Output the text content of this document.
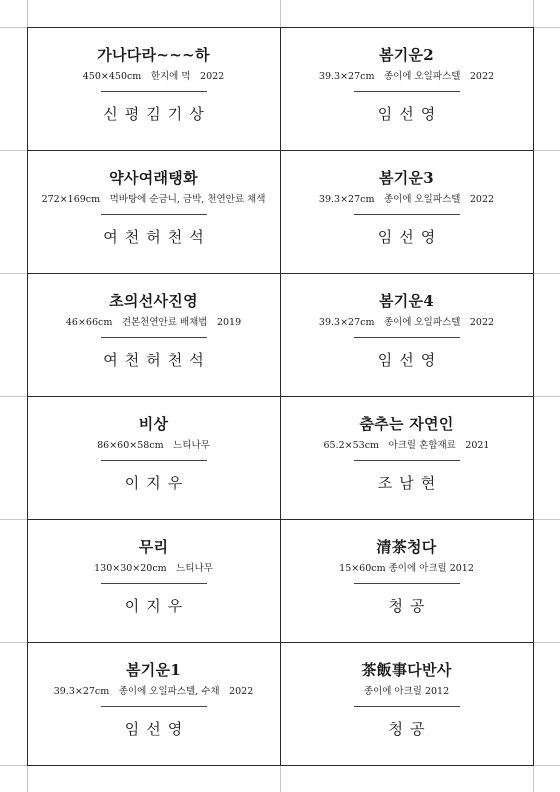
가나다라~~~하
450×450cm　한지에 먹　2022
신평김기상
봄기운2
39.3×27cm　종이에 오일파스텔　2022
임선영
약사여래탱화
272×169cm　먹바탕에 순금니, 금박, 천연안료 채색
여천허천석
봄기운3
39.3×27cm　종이에 오일파스텔　2022
임선영
초의선사진영
46×66cm　견본천연안료 배채법　2019
여천허천석
봄기운4
39.3×27cm　종이에 오일파스텔　2022
임선영
비상
86×60×58cm　느티나무
이지우
춤추는 자연인
65.2×53cm　아크릴 혼합재료　2021
조남현
무리
130×30×20cm　느티나무
이지우
清茶청다
15×60cm 종이에 아크릴 2012
청공
봄기운1
39.3×27cm　종이에 오일파스텔, 수채　2022
임선영
茶飯事다반사
종이에 아크릴 2012
청공
